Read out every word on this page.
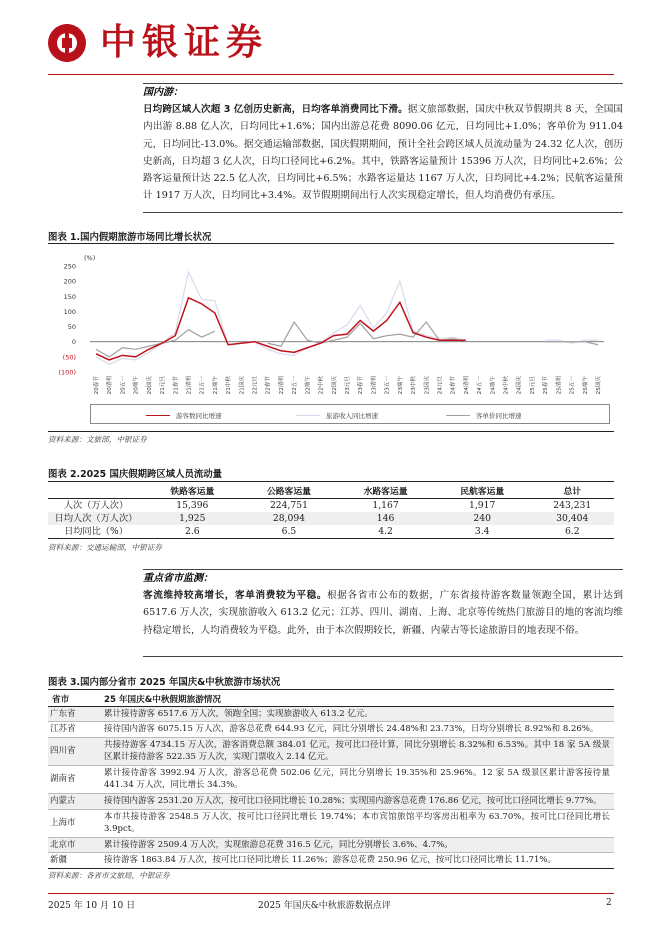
中银证券
国内游：
日均跨区域人次超 3 亿创历史新高，日均客单消费同比下滑。据文旅部数据，国庆中秋双节假期共 8 天，全国国内出游 8.88 亿人次，日均同比+1.6%；国内出游总花费 8090.06 亿元，日均同比+1.0%；客单价为 911.04 元，日均同比-13.0%。据交通运输部数据，国庆假期期间，预计全社会跨区域人员流动量为 24.32 亿人次，创历史新高，日均超 3 亿人次，日均口径同比+6.2%。其中，铁路客运量预计 15396 万人次，日均同比+2.6%；公路客运量预计达 22.5 亿人次，日均同比+6.5%；水路客运量达 1167 万人次，日均同比+4.2%；民航客运量预计 1917 万人次，日均同比+3.4%。双节假期期间出行人次实现稳定增长，但人均消费仍有承压。
图表 1.国内假期旅游市场同比增长状况
(%)
250
200
150
100
50
0
(50)
(100)
20春节	20清明 20五一	20端午	20国庆	21元旦	21春节	21清明 21五一	21端午	21中秋	21国庆	22元旦	22春节	22清明 22五一	22端午	22中秋	22国庆	23元旦	23春节	23清明 23五一	23端午	23中秋	23国庆	24元旦	24春节	24清明 24五一	24端午	24中秋	24国庆	25元旦	25春节	25清明 25五一	25端午	25国庆
游客数同比增速	旅游收入同比增速	客单价同比增速
资料来源：文旅部，中银证券
图表 2.2025 国庆假期跨区域人员流动量
	铁路客运量	公路客运量	水路客运量	民航客运量	总计
人次（万人次）	15,396	224,751	1,167	1,917	243,231
日均人次（万人次）	1,925	28,094	146	240	30,404
日均同比（%）	2.6	6.5	4.2	3.4	6.2
资料来源：交通运输部，中银证券
重点省市监测：
客流维持较高增长，客单消费较为平稳。根据各省市公布的数据，广东省接待游客数量领跑全国，累计达到 6517.6 万人次，实现旅游收入 613.2 亿元；江苏、四川、湖南、上海、北京等传统热门旅游目的地的客流均维持稳定增长，人均消费较为平稳。此外，由于本次假期较长，新疆、内蒙古等长途旅游目的地表现不俗。
图表 3.国内部分省市 2025 年国庆&中秋旅游市场状况
省市	25 年国庆&中秋假期旅游情况
广东省	累计接待游客 6517.6 万人次，领跑全国；实现旅游收入 613.2 亿元。
江苏省	接待国内游客 6075.15 万人次，游客总花费 644.93 亿元，同比分别增长 24.48%和 23.73%，日均分别增长 8.92%和 8.26%。
四川省	共接待游客 4734.15 万人次，游客消费总额 384.01 亿元，按可比口径计算，同比分别增长 8.32%和 6.53%。其中 18 家 5A 级景区累计接待游客 522.35 万人次，实现门票收入 2.14 亿元。
湖南省	累计接待游客 3992.94 万人次，游客总花费 502.06 亿元，同比分别增长 19.35%和 25.96%。12 家 5A 级景区累计游客接待量 441.34 万人次，同比增长 34.3%。
内蒙古	接待国内游客 2531.20 万人次，按可比口径同比增长 10.28%；实现国内游客总花费 176.86 亿元，按可比口径同比增长 9.77%。
上海市	本市共接待游客 2548.5 万人次，按可比口径同比增长 19.74%；本市宾馆旅馆平均客房出租率为 63.70%，按可比口径同比增长 3.9pct。
北京市	累计接待游客 2509.4 万人次，实现旅游总花费 316.5 亿元，同比分别增长 3.6%、4.7%。
新疆	接待游客 1863.84 万人次，按可比口径同比增长 11.26%；游客总花费 250.96 亿元，按可比口径同比增长 11.71%。
资料来源：各省市文旅局，中银证券
2025 年 10 月 10 日	2025 年国庆&中秋旅游数据点评	2
